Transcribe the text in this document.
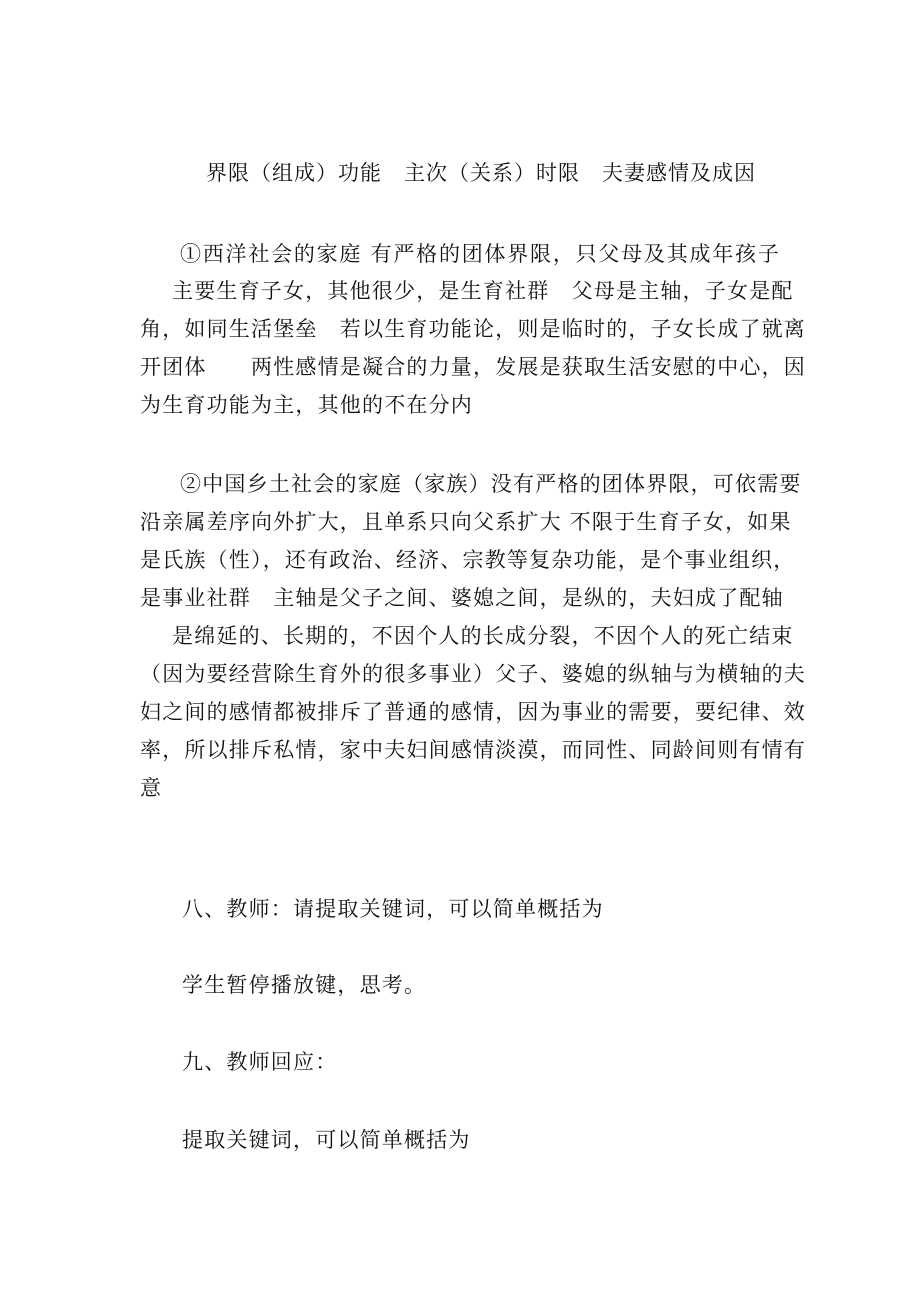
界限（组成）功能　主次（关系）时限　夫妻感情及成因
①西洋社会的家庭 有严格的团体界限，只父母及其成年孩子
主要生育子女，其他很少，是生育社群　父母是主轴，子女是配
角，如同生活堡垒　若以生育功能论，则是临时的，子女长成了就离
开团体　　两性感情是凝合的力量，发展是获取生活安慰的中心，因
为生育功能为主，其他的不在分内
②中国乡土社会的家庭（家族）没有严格的团体界限，可依需要
沿亲属差序向外扩大，且单系只向父系扩大 不限于生育子女，如果
是氏族（性），还有政治、经济、宗教等复杂功能，是个事业组织，
是事业社群　主轴是父子之间、婆媳之间，是纵的，夫妇成了配轴
是绵延的、长期的，不因个人的长成分裂，不因个人的死亡结束
（因为要经营除生育外的很多事业）父子、婆媳的纵轴与为横轴的夫
妇之间的感情都被排斥了普通的感情，因为事业的需要，要纪律、效
率，所以排斥私情，家中夫妇间感情淡漠，而同性、同龄间则有情有
意
八、教师：请提取关键词，可以简单概括为
学生暂停播放键，思考。
九、教师回应：
提取关键词，可以简单概括为
